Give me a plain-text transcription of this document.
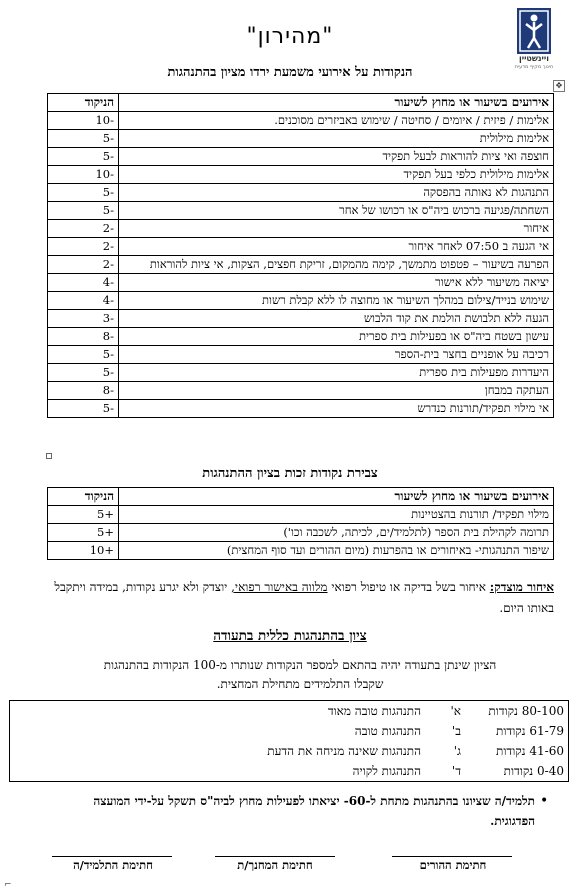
ויינשטיין
חינוך מקיף מדעית
"מהירון"
הנקודות על אירועי משמעת ירדו מציון בהתנהגות
✥
אירועים בשיעור או מחוץ לשיעור	הניקוד
אלימות / פיזית / איומים / סחיטה / שימוש באביזרים מסוכנים.	-10
אלימות מילולית	-5
חוצפה ואי ציות להוראות לבעל תפקיד	-5
אלימות מילולית כלפי בעל תפקיד	-10
התנהגות לא נאותה בהפסקה	-5
השחתה/פגיעה ברכוש ביה"ס או רכושו של אחר	-5
איחור	-2
אי הגעה ב 07:50 לאחר איחור	-2
הפרעה בשיעור – פטפוט מתמשך, קימה מהמקום, זריקת חפצים, הצקות, אי ציות להוראות	-2
יציאה משיעור ללא אישור	-4
שימוש בנייד/צילום במהלך השיעור או מחוצה לו ללא קבלת רשות	-4
הגעה ללא תלבושת הולמת את קוד הלבוש	-3
עישון בשטח ביה"ס או בפעילות בית ספרית	-8
רכיבה על אופניים בחצר בית-הספר	-5
היעדרות מפעילות בית ספרית	-5
העתקה במבחן	-8
אי מילוי תפקיד/תורנות כנדרש	-5
צבירת נקודות זכות בציון ההתנהגות
אירועים בשיעור או מחוץ לשיעור	הניקוד
מילוי תפקיד/ תורנות בהצטיינות	+5
תרומה לקהילת בית הספר (לתלמיד/ים, לכיתה, לשכבה וכו')	+5
שיפור התנהגותי- באיחורים או בהפרעות (מיום ההורים ועד סוף המחצית)	+10
איחור מוצדק: איחור בשל בדיקה או טיפול רפואי מלווה באישור רפואי, יוצדק ולא יגרע נקודות, במידה ויתקבל באותו היום.
ציון בהתנהגות כללית בתעודה
הציון שינתן בתעודה יהיה בהתאם למספר הנקודות שנותרו מ-100 הנקודות בהתנהגות שקבלו התלמידים מתחילת המחצית.
80-100 נקודות	א'	התנהגות טובה מאוד
61-79 נקודות	ב'	התנהגות טובה
41-60 נקודות	ג'	התנהגות שאינה מניחה את הדעת
0-40 נקודות	ד'	התנהגות לקויה
•
תלמיד/ה שציונו בהתנהגות מתחת ל-60- יציאתו לפעילות מחוץ לביה"ס תשקל על-ידי המועצה הפדגוגית.
חתימת ההורים
חתימת המחנך/ת
חתימת התלמיד/ה
⌐
